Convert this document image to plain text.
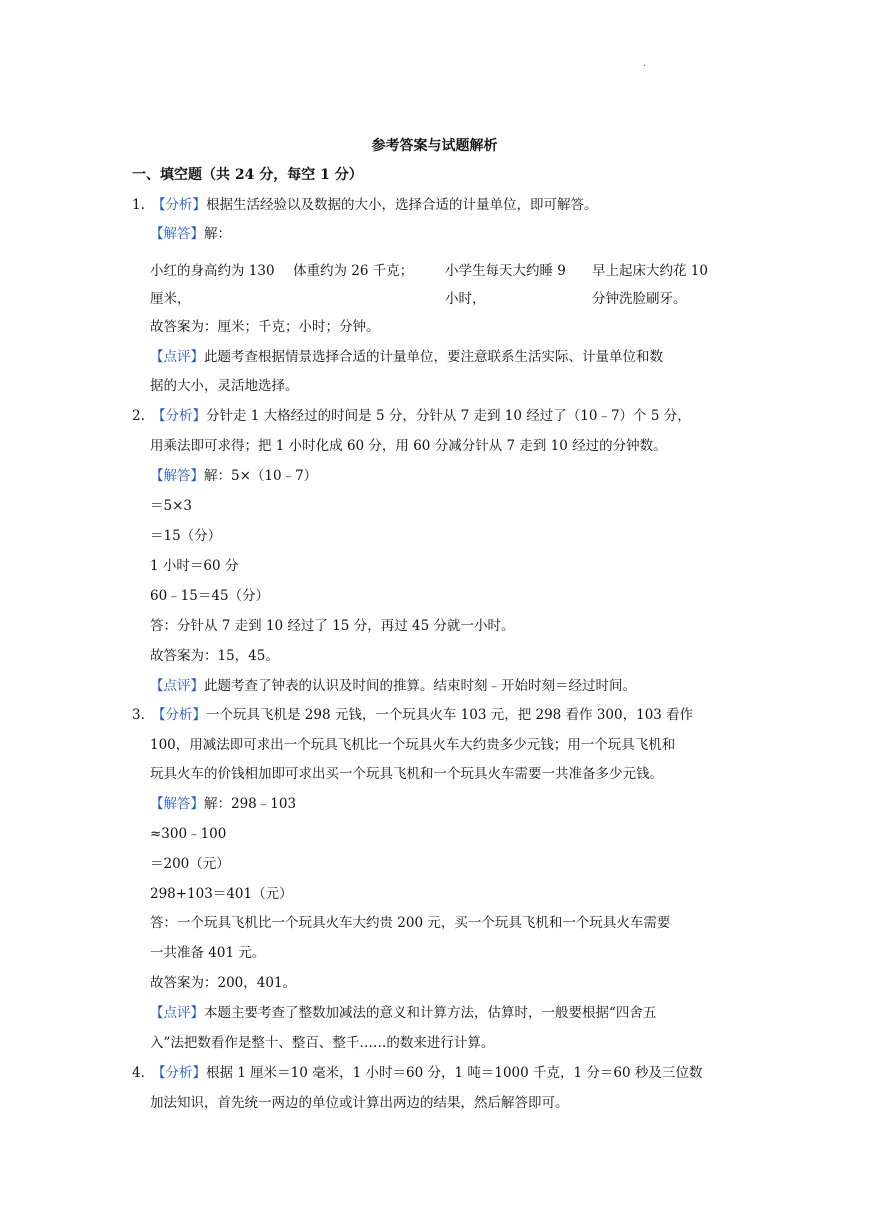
.
参考答案与试题解析
一、填空题（共 24 分，每空 1 分）
1. 【分析】根据生活经验以及数据的大小，选择合适的计量单位，即可解答。
【解答】解：
小红的身高约为 130
厘米，
体重约为 26 千克； 小学生每天大约睡 9
小时，
早上起床大约花 10
分钟洗脸刷牙。
故答案为：厘米；千克；小时；分钟。
【点评】此题考查根据情景选择合适的计量单位，要注意联系生活实际、计量单位和数
据的大小，灵活地选择。
2. 【分析】分针走 1 大格经过的时间是 5 分，分针从 7 走到 10 经过了（10﹣7）个 5 分，
用乘法即可求得；把 1 小时化成 60 分，用 60 分减分针从 7 走到 10 经过的分钟数。
【解答】解：5×（10﹣7）
＝5×3
＝15（分）
1 小时＝60 分
60﹣15＝45（分）
答：分针从 7 走到 10 经过了 15 分，再过 45 分就一小时。
故答案为：15，45。
【点评】此题考查了钟表的认识及时间的推算。结束时刻﹣开始时刻＝经过时间。
3. 【分析】一个玩具飞机是 298 元钱，一个玩具火车 103 元，把 298 看作 300，103 看作
100，用减法即可求出一个玩具飞机比一个玩具火车大约贵多少元钱；用一个玩具飞机和
玩具火车的价钱相加即可求出买一个玩具飞机和一个玩具火车需要一共准备多少元钱。
【解答】解：298﹣103
≈300﹣100
＝200（元）
298+103＝401（元）
答：一个玩具飞机比一个玩具火车大约贵 200 元，买一个玩具飞机和一个玩具火车需要
一共准备 401 元。
故答案为：200，401。
【点评】本题主要考查了整数加减法的意义和计算方法，估算时，一般要根据“四舍五
入”法把数看作是整十、整百、整千……的数来进行计算。
4. 【分析】根据 1 厘米＝10 毫米，1 小时＝60 分，1 吨＝1000 千克，1 分＝60 秒及三位数
加法知识，首先统一两边的单位或计算出两边的结果，然后解答即可。
